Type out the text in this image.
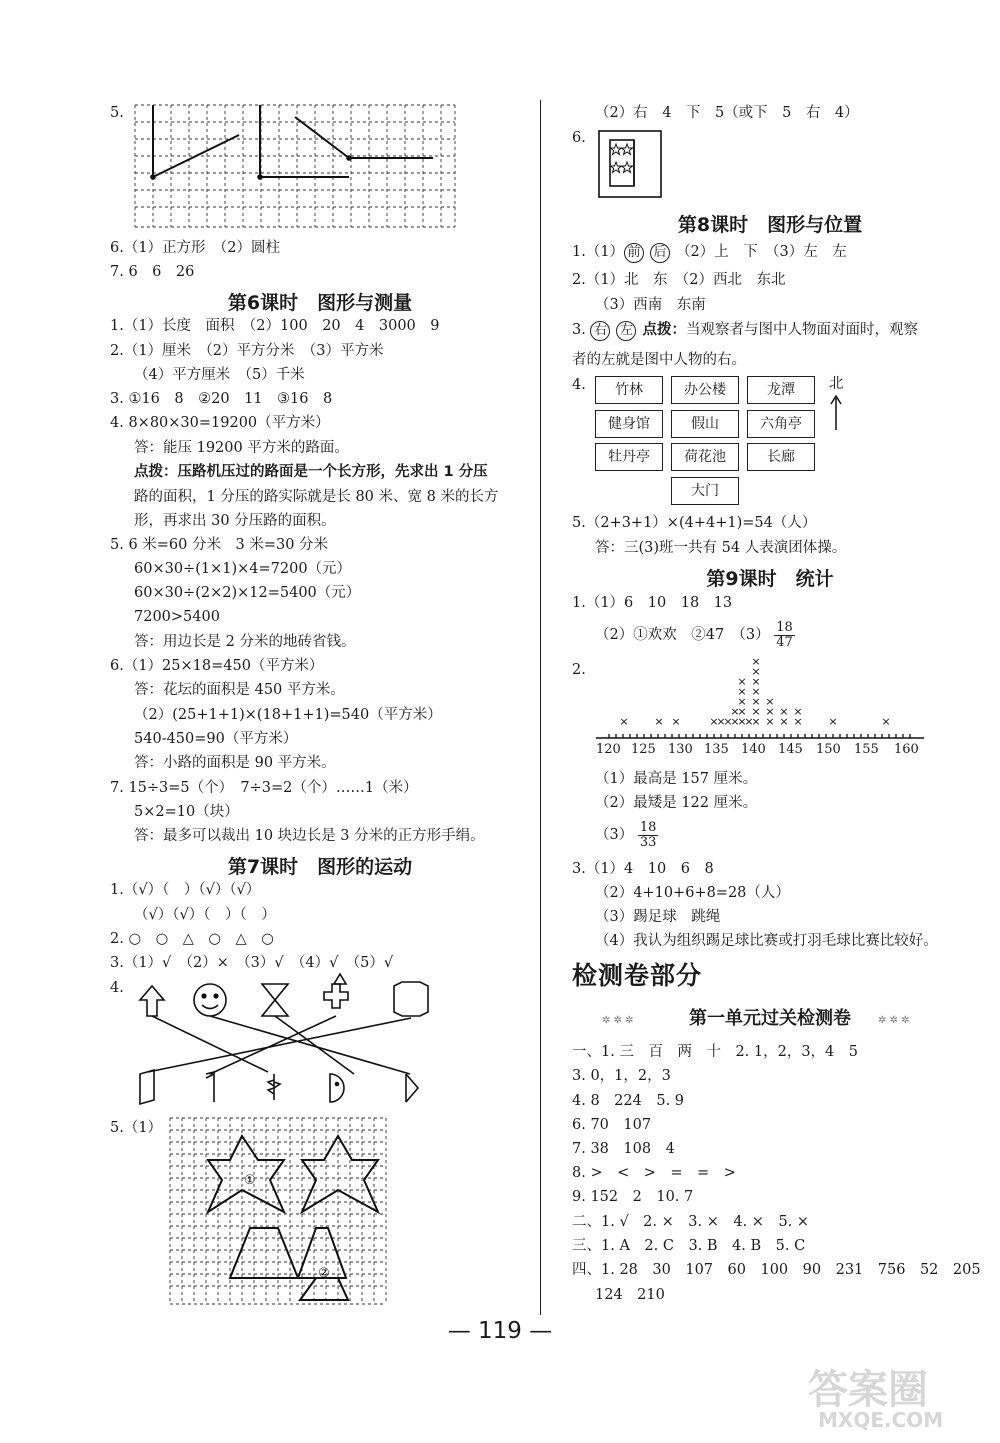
5.
6.（1）正方形　（2）圆柱
7. 6　6　26
第6课时　图形与测量
1.（1）长度　面积　（2）100　20　4　3000　9
2.（1）厘米　（2）平方分米　（3）平方米
（4）平方厘米　（5）千米
3. ①16　8　②20　11　③16　8
4. 8×80×30=19200（平方米）
答：能压 19200 平方米的路面。
点拨：压路机压过的路面是一个长方形，先求出 1 分压
路的面积，1 分压的路实际就是长 80 米、宽 8 米的长方
形，再求出 30 分压路的面积。
5. 6 米=60 分米　3 米=30 分米
60×30÷(1×1)×4=7200（元）
60×30÷(2×2)×12=5400（元）
7200>5400
答：用边长是 2 分米的地砖省钱。
6.（1）25×18=450（平方米）
答：花坛的面积是 450 平方米。
（2）(25+1+1)×(18+1+1)=540（平方米）
540-450=90（平方米）
答：小路的面积是 90 平方米。
7. 15÷3=5（个）　7÷3=2（个）……1（米）
5×2=10（块）
答：最多可以裁出 10 块边长是 3 分米的正方形手绢。
第7课时　图形的运动
1.（√）（　）（√）（√）
（√）（√）（　）（　）
2. ○　○　△　○　△　○
3.（1）√　（2）×　（3）√　（4）√　（5）√
4.
5.（1）
①
②
（2）右　4　下　5（或下　5　右　4）
6.
第8课时　图形与位置
1.（1） 前 后 （2）上　下　（3）左　左
2.（1）北　东　（2）西北　东北
（3）西南　东南
3. 右 左 点拨：当观察者与图中人物面对面时，观察
者的左就是图中人物的右。
4.	竹林	办公楼	龙潭
健身馆	假山	六角亭
牡丹亭	荷花池	长廊
大门
北
5.（2+3+1）×(4+4+1)=54（人）
答：三(3)班一共有 54 人表演团体操。
第9课时　统计
1.（1）6　10　18　13
（2）①欢欢　②47　$(3) \frac{18}{47}$
2.
× × ×	×
×
×
×
×
×
×
×
×
×
×
×
×
×
×
×
×
×
×
×
×
×
×
×
×
×	×
120 125 130 135 140 145 150 155 160
（1）最高是 157 厘米。
（2）最矮是 122 厘米。
$(3) \frac{18}{33}$
3.（1）4　10　6　8
（2）4+10+6+8=28（人）
（3）踢足球　跳绳
（4）我认为组织踢足球比赛或打羽毛球比赛比较好。
检测卷部分
✲ ✲ ✲	第一单元过关检测卷	✲ ✲ ✲
一、1. 三　百　两　十　2. 1，2，3，4　5
3. 0，1，2，3
4. 8　224　5. 9
6. 70　107
7. 38　108　4
8. >　<　>　=　=　>
9. 152　2　10. 7
二、1. √　2. ×　3. ×　4. ×　5. ×
三、1. A　2. C　3. B　4. B　5. C
四、1. 28　30　107　60　100　90　231　756　52　205
124　210
— 119 —
答案圈
MXQE.COM
